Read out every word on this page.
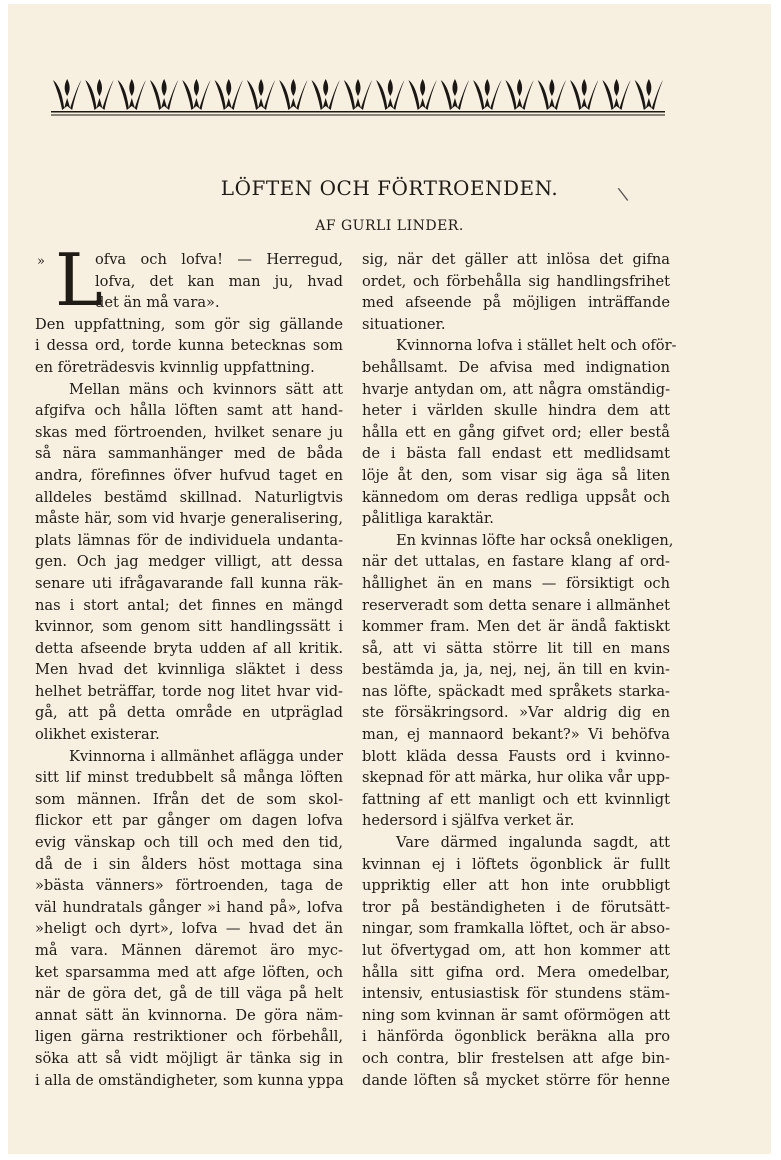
LÖFTEN OCH FÖRTROENDEN.
AF GURLI LINDER.
\
» L
ofva och lofva! — Herregud,
lofva, det kan man ju, hvad
det än må vara».
Den uppfattning, som gör sig gällande
i dessa ord, torde kunna betecknas som
en företrädesvis kvinnlig uppfattning.
Mellan mäns och kvinnors sätt att
afgifva och hålla löften samt att hand-
skas med förtroenden, hvilket senare ju
så nära sammanhänger med de båda
andra, förefinnes öfver hufvud taget en
alldeles bestämd skillnad. Naturligtvis
måste här, som vid hvarje generalisering,
plats lämnas för de individuela undanta-
gen. Och jag medger villigt, att dessa
senare uti ifrågavarande fall kunna räk-
nas i stort antal; det finnes en mängd
kvinnor, som genom sitt handlingssätt i
detta afseende bryta udden af all kritik.
Men hvad det kvinnliga släktet i dess
helhet beträffar, torde nog litet hvar vid-
gå, att på detta område en utpräglad
olikhet existerar.
Kvinnorna i allmänhet aflägga under
sitt lif minst tredubbelt så många löften
som männen. Ifrån det de som skol-
flickor ett par gånger om dagen lofva
evig vänskap och till och med den tid,
då de i sin ålders höst mottaga sina
»bästa vänners» förtroenden, taga de
väl hundratals gånger »i hand på», lofva
»heligt och dyrt», lofva — hvad det än
må vara. Männen däremot äro myc-
ket sparsamma med att afge löften, och
när de göra det, gå de till väga på helt
annat sätt än kvinnorna. De göra näm-
ligen gärna restriktioner och förbehåll,
söka att så vidt möjligt är tänka sig in
i alla de omständigheter, som kunna yppa
sig, när det gäller att inlösa det gifna
ordet, och förbehålla sig handlingsfrihet
med afseende på möjligen inträffande
situationer.
Kvinnorna lofva i stället helt och oför-
behållsamt. De afvisa med indignation
hvarje antydan om, att några omständig-
heter i världen skulle hindra dem att
hålla ett en gång gifvet ord; eller bestå
de i bästa fall endast ett medlidsamt
löje åt den, som visar sig äga så liten
kännedom om deras redliga uppsåt och
pålitliga karaktär.
En kvinnas löfte har också onekligen,
när det uttalas, en fastare klang af ord-
hållighet än en mans — försiktigt och
reserveradt som detta senare i allmänhet
kommer fram. Men det är ändå faktiskt
så, att vi sätta större lit till en mans
bestämda ja, ja, nej, nej, än till en kvin-
nas löfte, späckadt med språkets starka-
ste försäkringsord. »Var aldrig dig en
man, ej mannaord bekant?» Vi behöfva
blott kläda dessa Fausts ord i kvinno-
skepnad för att märka, hur olika vår upp-
fattning af ett manligt och ett kvinnligt
hedersord i själfva verket är.
Vare därmed ingalunda sagdt, att
kvinnan ej i löftets ögonblick är fullt
uppriktig eller att hon inte orubbligt
tror på beständigheten i de förutsätt-
ningar, som framkalla löftet, och är abso-
lut öfvertygad om, att hon kommer att
hålla sitt gifna ord. Mera omedelbar,
intensiv, entusiastisk för stundens stäm-
ning som kvinnan är samt oförmögen att
i hänförda ögonblick beräkna alla pro
och contra, blir frestelsen att afge bin-
dande löften så mycket större för henne
